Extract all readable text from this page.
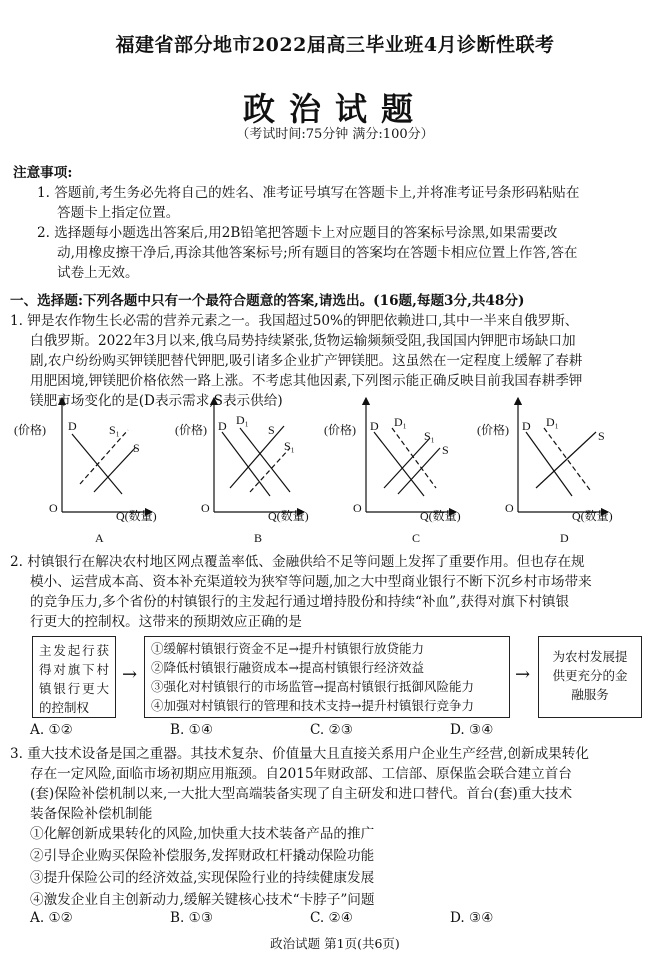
福建省部分地市2022届高三毕业班4月诊断性联考
政治试题
（考试时间:75分钟 满分:100分）
注意事项:
1. 答题前,考生务必先将自己的姓名、准考证号填写在答题卡上,并将准考证号条形码粘贴在
答题卡上指定位置。
2. 选择题每小题选出答案后,用2B铅笔把答题卡上对应题目的答案标号涂黑,如果需要改
动,用橡皮擦干净后,再涂其他答案标号;所有题目的答案均在答题卡相应位置上作答,答在
试卷上无效。
一、选择题:下列各题中只有一个最符合题意的答案,请选出。(16题,每题3分,共48分)
1. 钾是农作物生长必需的营养元素之一。我国超过50%的钾肥依赖进口,其中一半来自俄罗斯、
白俄罗斯。2022年3月以来,俄乌局势持续紧张,货物运输频频受阻,我国国内钾肥市场缺口加
剧,农户纷纷购买钾镁肥替代钾肥,吸引诸多企业扩产钾镁肥。这虽然在一定程度上缓解了春耕
用肥困境,钾镁肥价格依然一路上涨。不考虑其他因素,下列图示能正确反映目前我国春耕季钾
镁肥市场变化的是(D表示需求,S表示供给)
(价格) D	S₁
S
O
Q(数量)
A
(价格) D D₁
S
S₁
O
Q(数量)
B
(价格) D D₁
S₁
S
O
Q(数量)
C
(价格) D D₁
S
O
Q(数量)
D
2. 村镇银行在解决农村地区网点覆盖率低、金融供给不足等问题上发挥了重要作用。但也存在规
模小、运营成本高、资本补充渠道较为狭窄等问题,加之大中型商业银行不断下沉乡村市场带来
的竞争压力,多个省份的村镇银行的主发起行通过增持股份和持续“补血”,获得对旗下村镇银
行更大的控制权。这带来的预期效应正确的是
主发起行获得对旗下村镇银行更大的控制权
→
①缓解村镇银行资金不足→提升村镇银行放贷能力
②降低村镇银行融资成本→提高村镇银行经济效益
③强化对村镇银行的市场监管→提高村镇银行抵御风险能力
④加强对村镇银行的管理和技术支持→提升村镇银行竞争力
→
为农村发展提供更充分的金融服务
A. ①②	B. ①④	C. ②③	D. ③④
3. 重大技术设备是国之重器。其技术复杂、价值量大且直接关系用户企业生产经营,创新成果转化
存在一定风险,面临市场初期应用瓶颈。自2015年财政部、工信部、原保监会联合建立首台
(套)保险补偿机制以来,一大批大型高端装备实现了自主研发和进口替代。首台(套)重大技术
装备保险补偿机制能
①化解创新成果转化的风险,加快重大技术装备产品的推广
②引导企业购买保险补偿服务,发挥财政杠杆撬动保险功能
③提升保险公司的经济效益,实现保险行业的持续健康发展
④激发企业自主创新动力,缓解关键核心技术“卡脖子”问题
A. ①②	B. ①③	C. ②④	D. ③④
政治试题 第1页(共6页)
